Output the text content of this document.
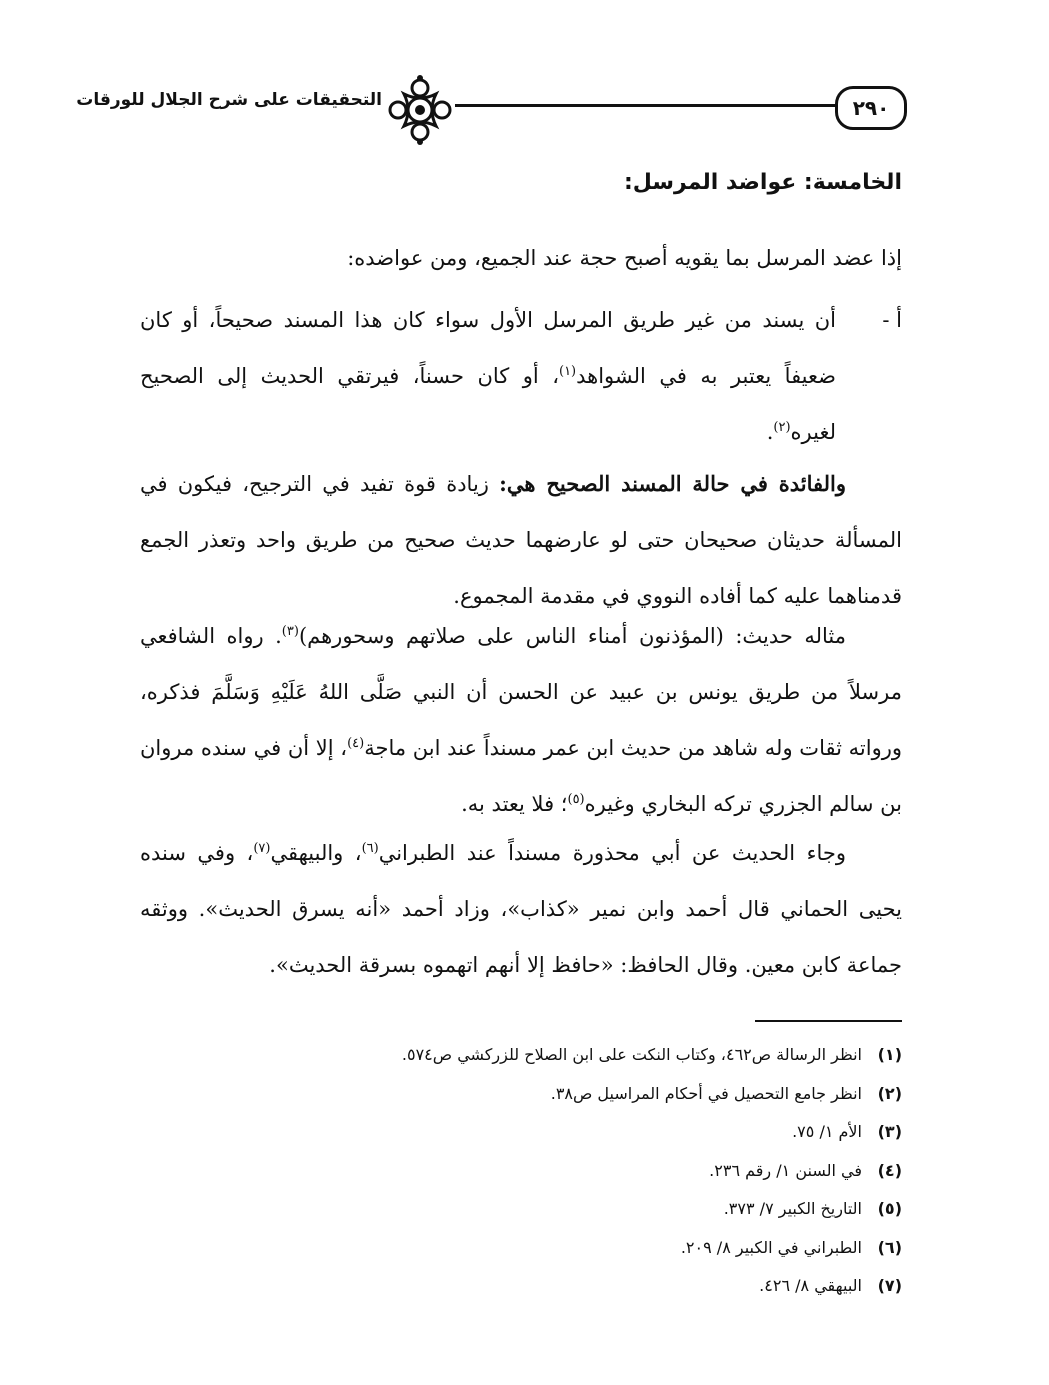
٢٩٠
التحقيقات على شرح الجلال للورقات
الخامسة: عواضد المرسل:

إذا عضد المرسل بما يقويه أصبح حجة عند الجميع، ومن عواضده:

أ -
أن يسند من غير طريق المرسل الأول سواء كان هذا المسند صحيحاً، أو كان ضعيفاً يعتبر به في الشواهد$^{(١)}$، أو كان حسناً، فيرتقي الحديث إلى الصحيح لغيره$^{(٢)}$.

والفائدة في حالة المسند الصحيح هي: زيادة قوة تفيد في الترجيح، فيكون في المسألة حديثان صحيحان حتى لو عارضهما حديث صحيح من طريق واحد وتعذر الجمع قدمناهما عليه كما أفاده النووي في مقدمة المجموع.

مثاله حديث: (المؤذنون أمناء الناس على صلاتهم وسحورهم)$^{(٣)}$. رواه الشافعي مرسلاً من طريق يونس بن عبيد عن الحسن أن النبي صَلَّى اللهُ عَلَيْهِ وَسَلَّمَ فذكره، ورواته ثقات وله شاهد من حديث ابن عمر مسنداً عند ابن ماجة$^{(٤)}$، إلا أن في سنده مروان بن سالم الجزري تركه البخاري وغيره$^{(٥)}$؛ فلا يعتد به.

وجاء الحديث عن أبي محذورة مسنداً عند الطبراني$^{(٦)}$، والبيهقي$^{(٧)}$، وفي سنده يحيى الحماني قال أحمد وابن نمير «كذاب»، وزاد أحمد «أنه يسرق الحديث». ووثقه جماعة كابن معين. وقال الحافظ: «حافظ إلا أنهم اتهموه بسرقة الحديث».

(١)انظر الرسالة ص٤٦٢، وكتاب النكت على ابن الصلاح للزركشي ص٥٧٤.
(٢)انظر جامع التحصيل في أحكام المراسيل ص٣٨.
(٣)الأم ١/ ٧٥.
(٤)في السنن ١/ رقم ٢٣٦.
(٥)التاريخ الكبير ٧/ ٣٧٣.
(٦)الطبراني في الكبير ٨/ ٢٠٩.
(٧)البيهقي ٨/ ٤٢٦.
